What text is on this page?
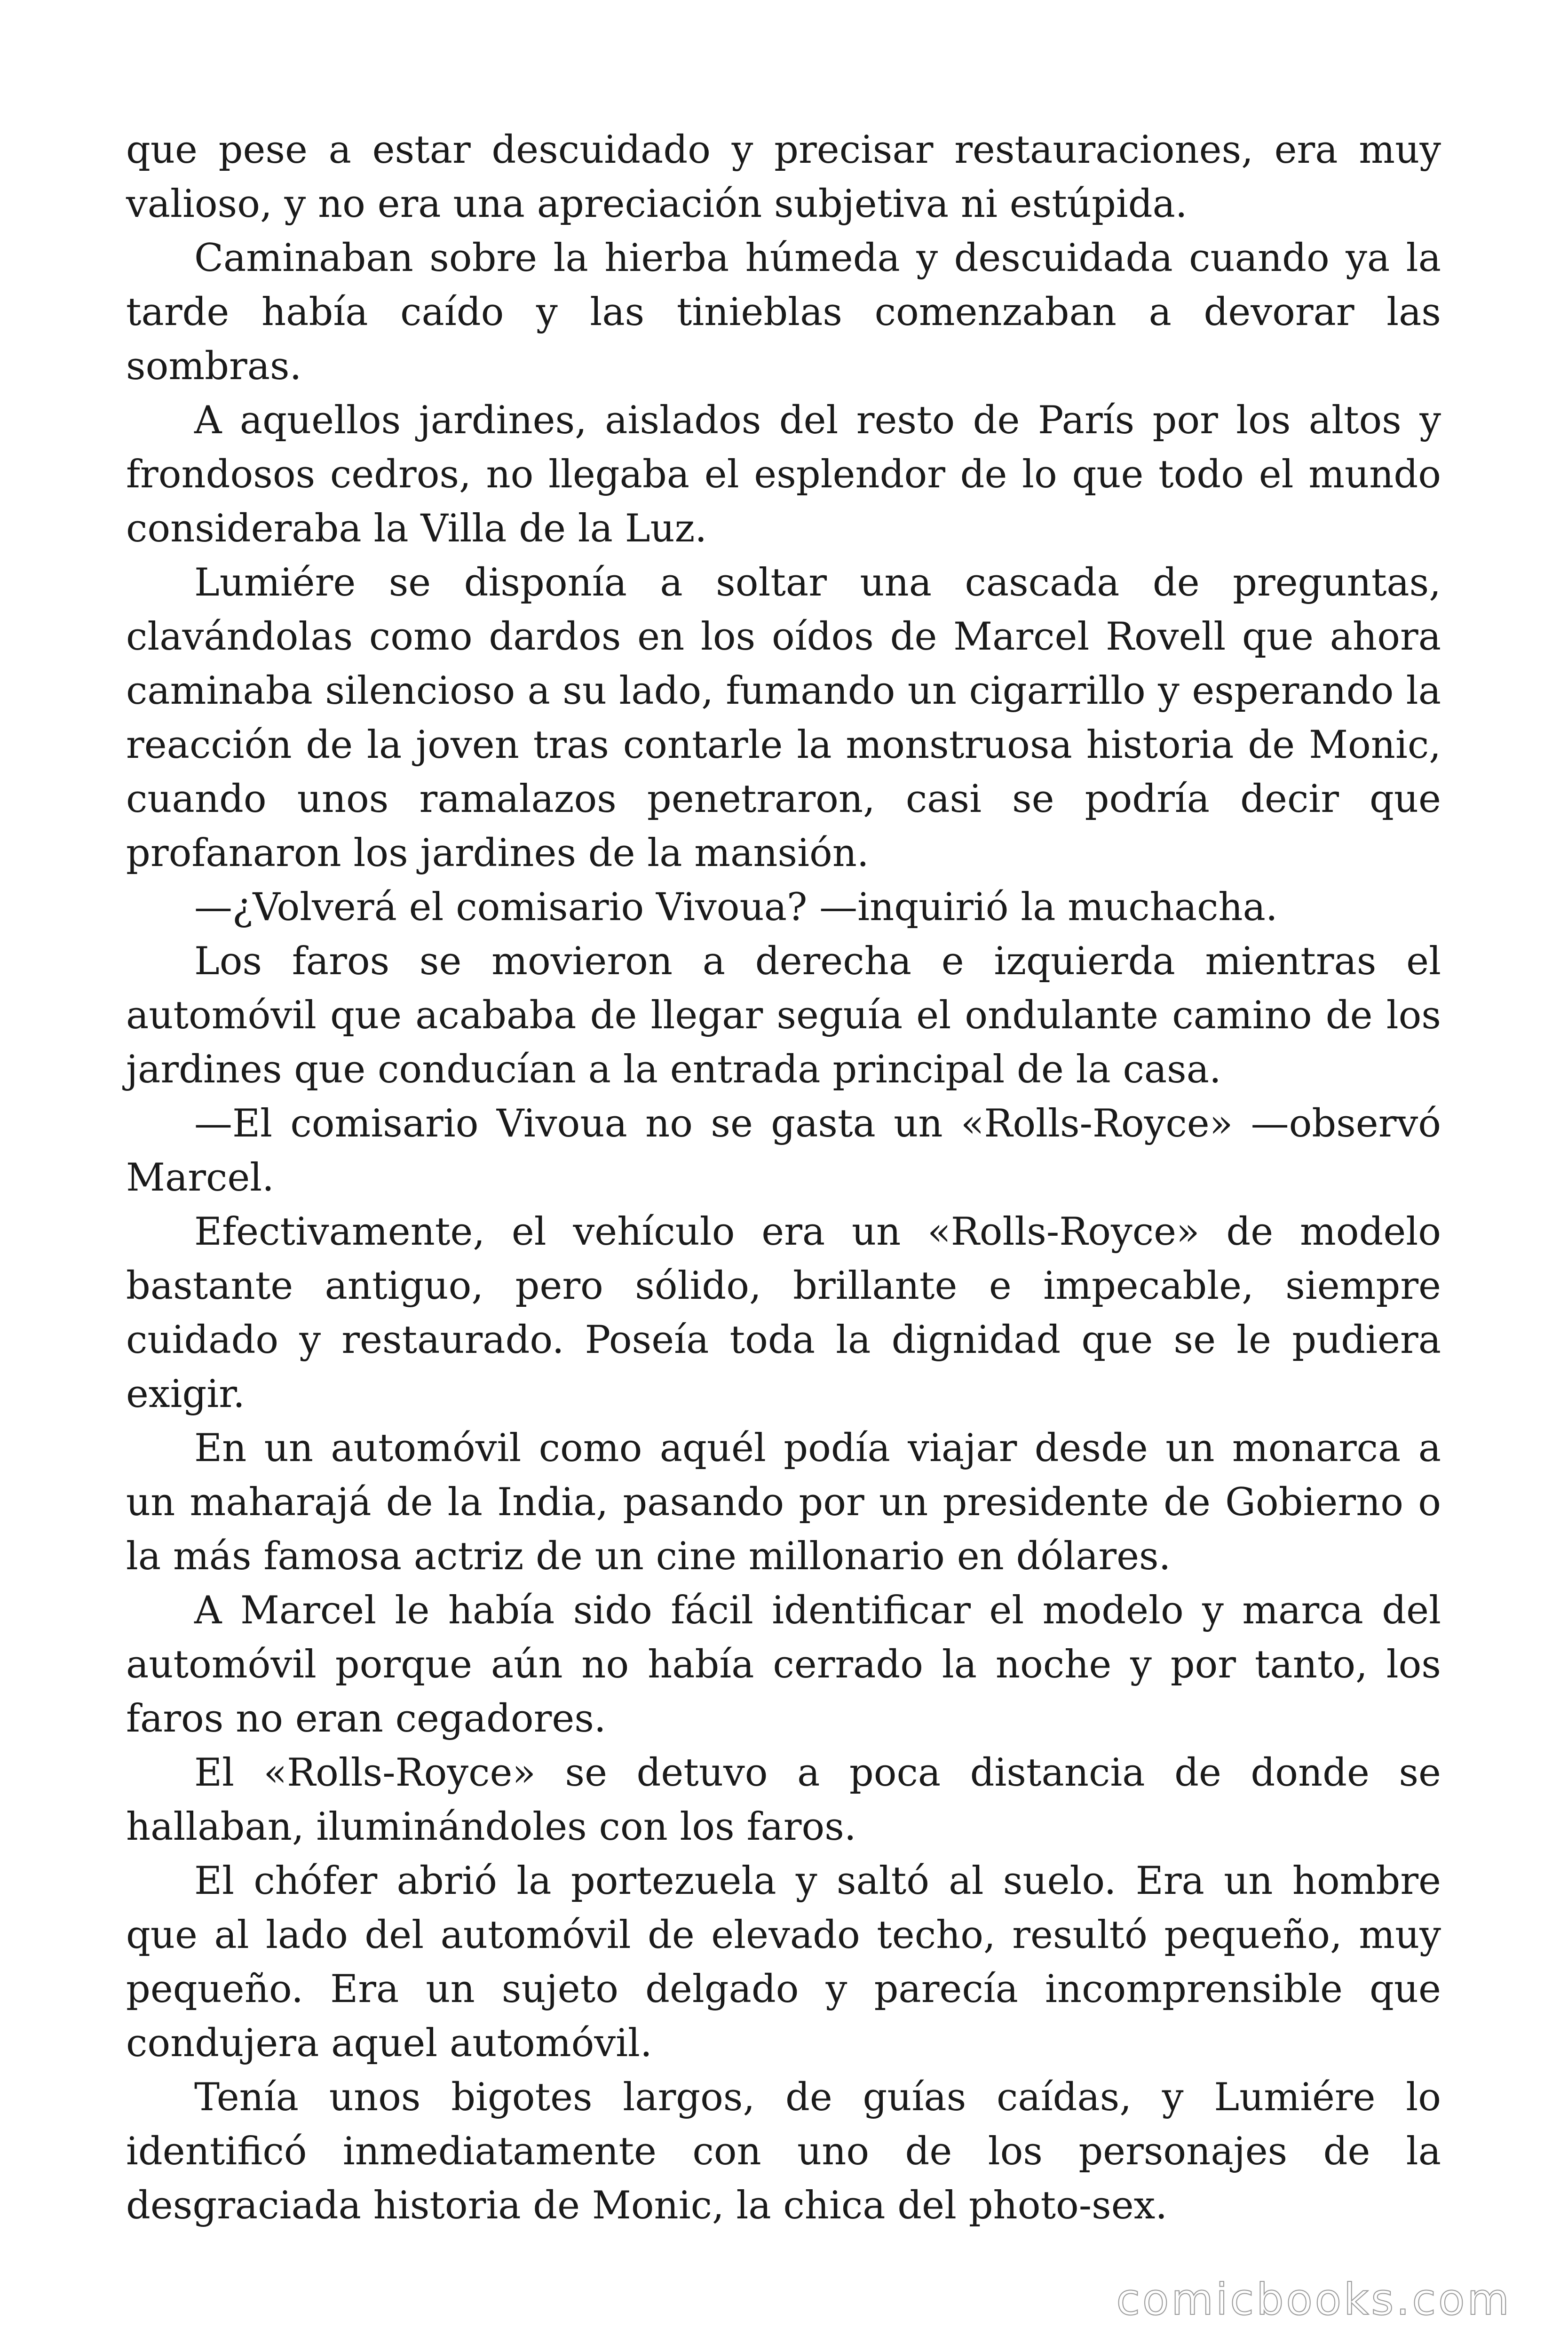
que pese a estar descuidado y precisar restauraciones, era muy valioso, y no era una apreciación subjetiva ni estúpida.

Caminaban sobre la hierba húmeda y descuidada cuando ya la tarde había caído y las tinieblas comenzaban a devorar las sombras.

A aquellos jardines, aislados del resto de París por los altos y frondosos cedros, no llegaba el esplendor de lo que todo el mundo consideraba la Villa de la Luz.

Lumiére se disponía a soltar una cascada de preguntas, clavándolas como dardos en los oídos de Marcel Rovell que ahora caminaba silencioso a su lado, fumando un cigarrillo y esperando la reacción de la joven tras contarle la monstruosa historia de Monic, cuando unos ramalazos penetraron, casi se podría decir que profanaron los jardines de la mansión.

—¿Volverá el comisario Vivoua? —inquirió la muchacha.

Los faros se movieron a derecha e izquierda mientras el automóvil que acababa de llegar seguía el ondulante camino de los jardines que conducían a la entrada principal de la casa.

—El comisario Vivoua no se gasta un «Rolls-Royce» —observó Marcel.

Efectivamente, el vehículo era un «Rolls-Royce» de modelo bastante antiguo, pero sólido, brillante e impecable, siempre cuidado y restaurado. Poseía toda la dignidad que se le pudiera exigir.

En un automóvil como aquél podía viajar desde un monarca a un maharajá de la India, pasando por un presidente de Gobierno o la más famosa actriz de un cine millonario en dólares.

A Marcel le había sido fácil identificar el modelo y marca del automóvil porque aún no había cerrado la noche y por tanto, los faros no eran cegadores.

El «Rolls-Royce» se detuvo a poca distancia de donde se hallaban, iluminándoles con los faros.

El chófer abrió la portezuela y saltó al suelo. Era un hombre que al lado del automóvil de elevado techo, resultó pequeño, muy pequeño. Era un sujeto delgado y parecía incomprensible que condujera aquel automóvil.

Tenía unos bigotes largos, de guías caídas, y Lumiére lo identificó inmediatamente con uno de los personajes de la desgraciada historia de Monic, la chica del photo-sex.

comicbooks.com
